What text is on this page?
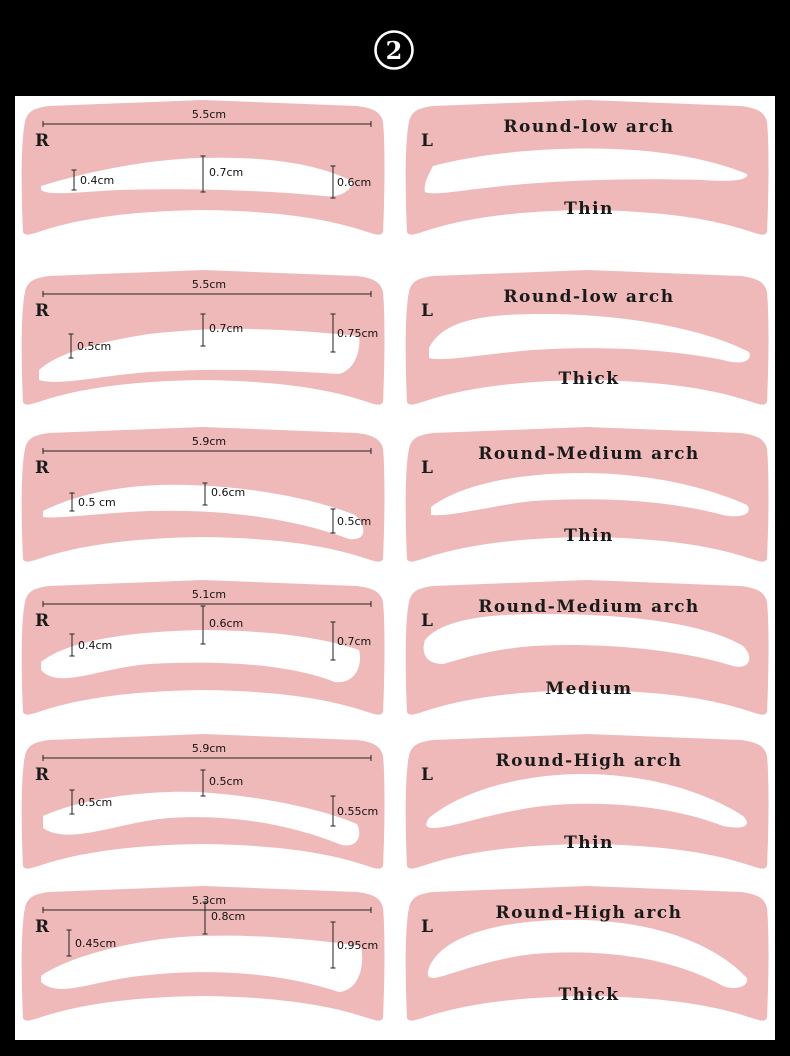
2
5.5cm
R
0.4cm
0.7cm
0.6cm
5.5cm
R
0.5cm
0.7cm	0.75cm
5.9cm
R
0.5 cm
0.6cm
0.5cm
5.1cm
R
0.4cm
0.6cm
0.7cm
5.9cm
R
0.5cm
0.5cm
0.55cm
5.3cm
R
0.45cm
0.8cm
0.95cm
L
Round-low arch
Thin
L
Round-low arch
Thick
L
Round-Medium arch
Thin
L
Round-Medium arch
Medium
L
Round-High arch
Thin
L
Round-High arch
Thick
